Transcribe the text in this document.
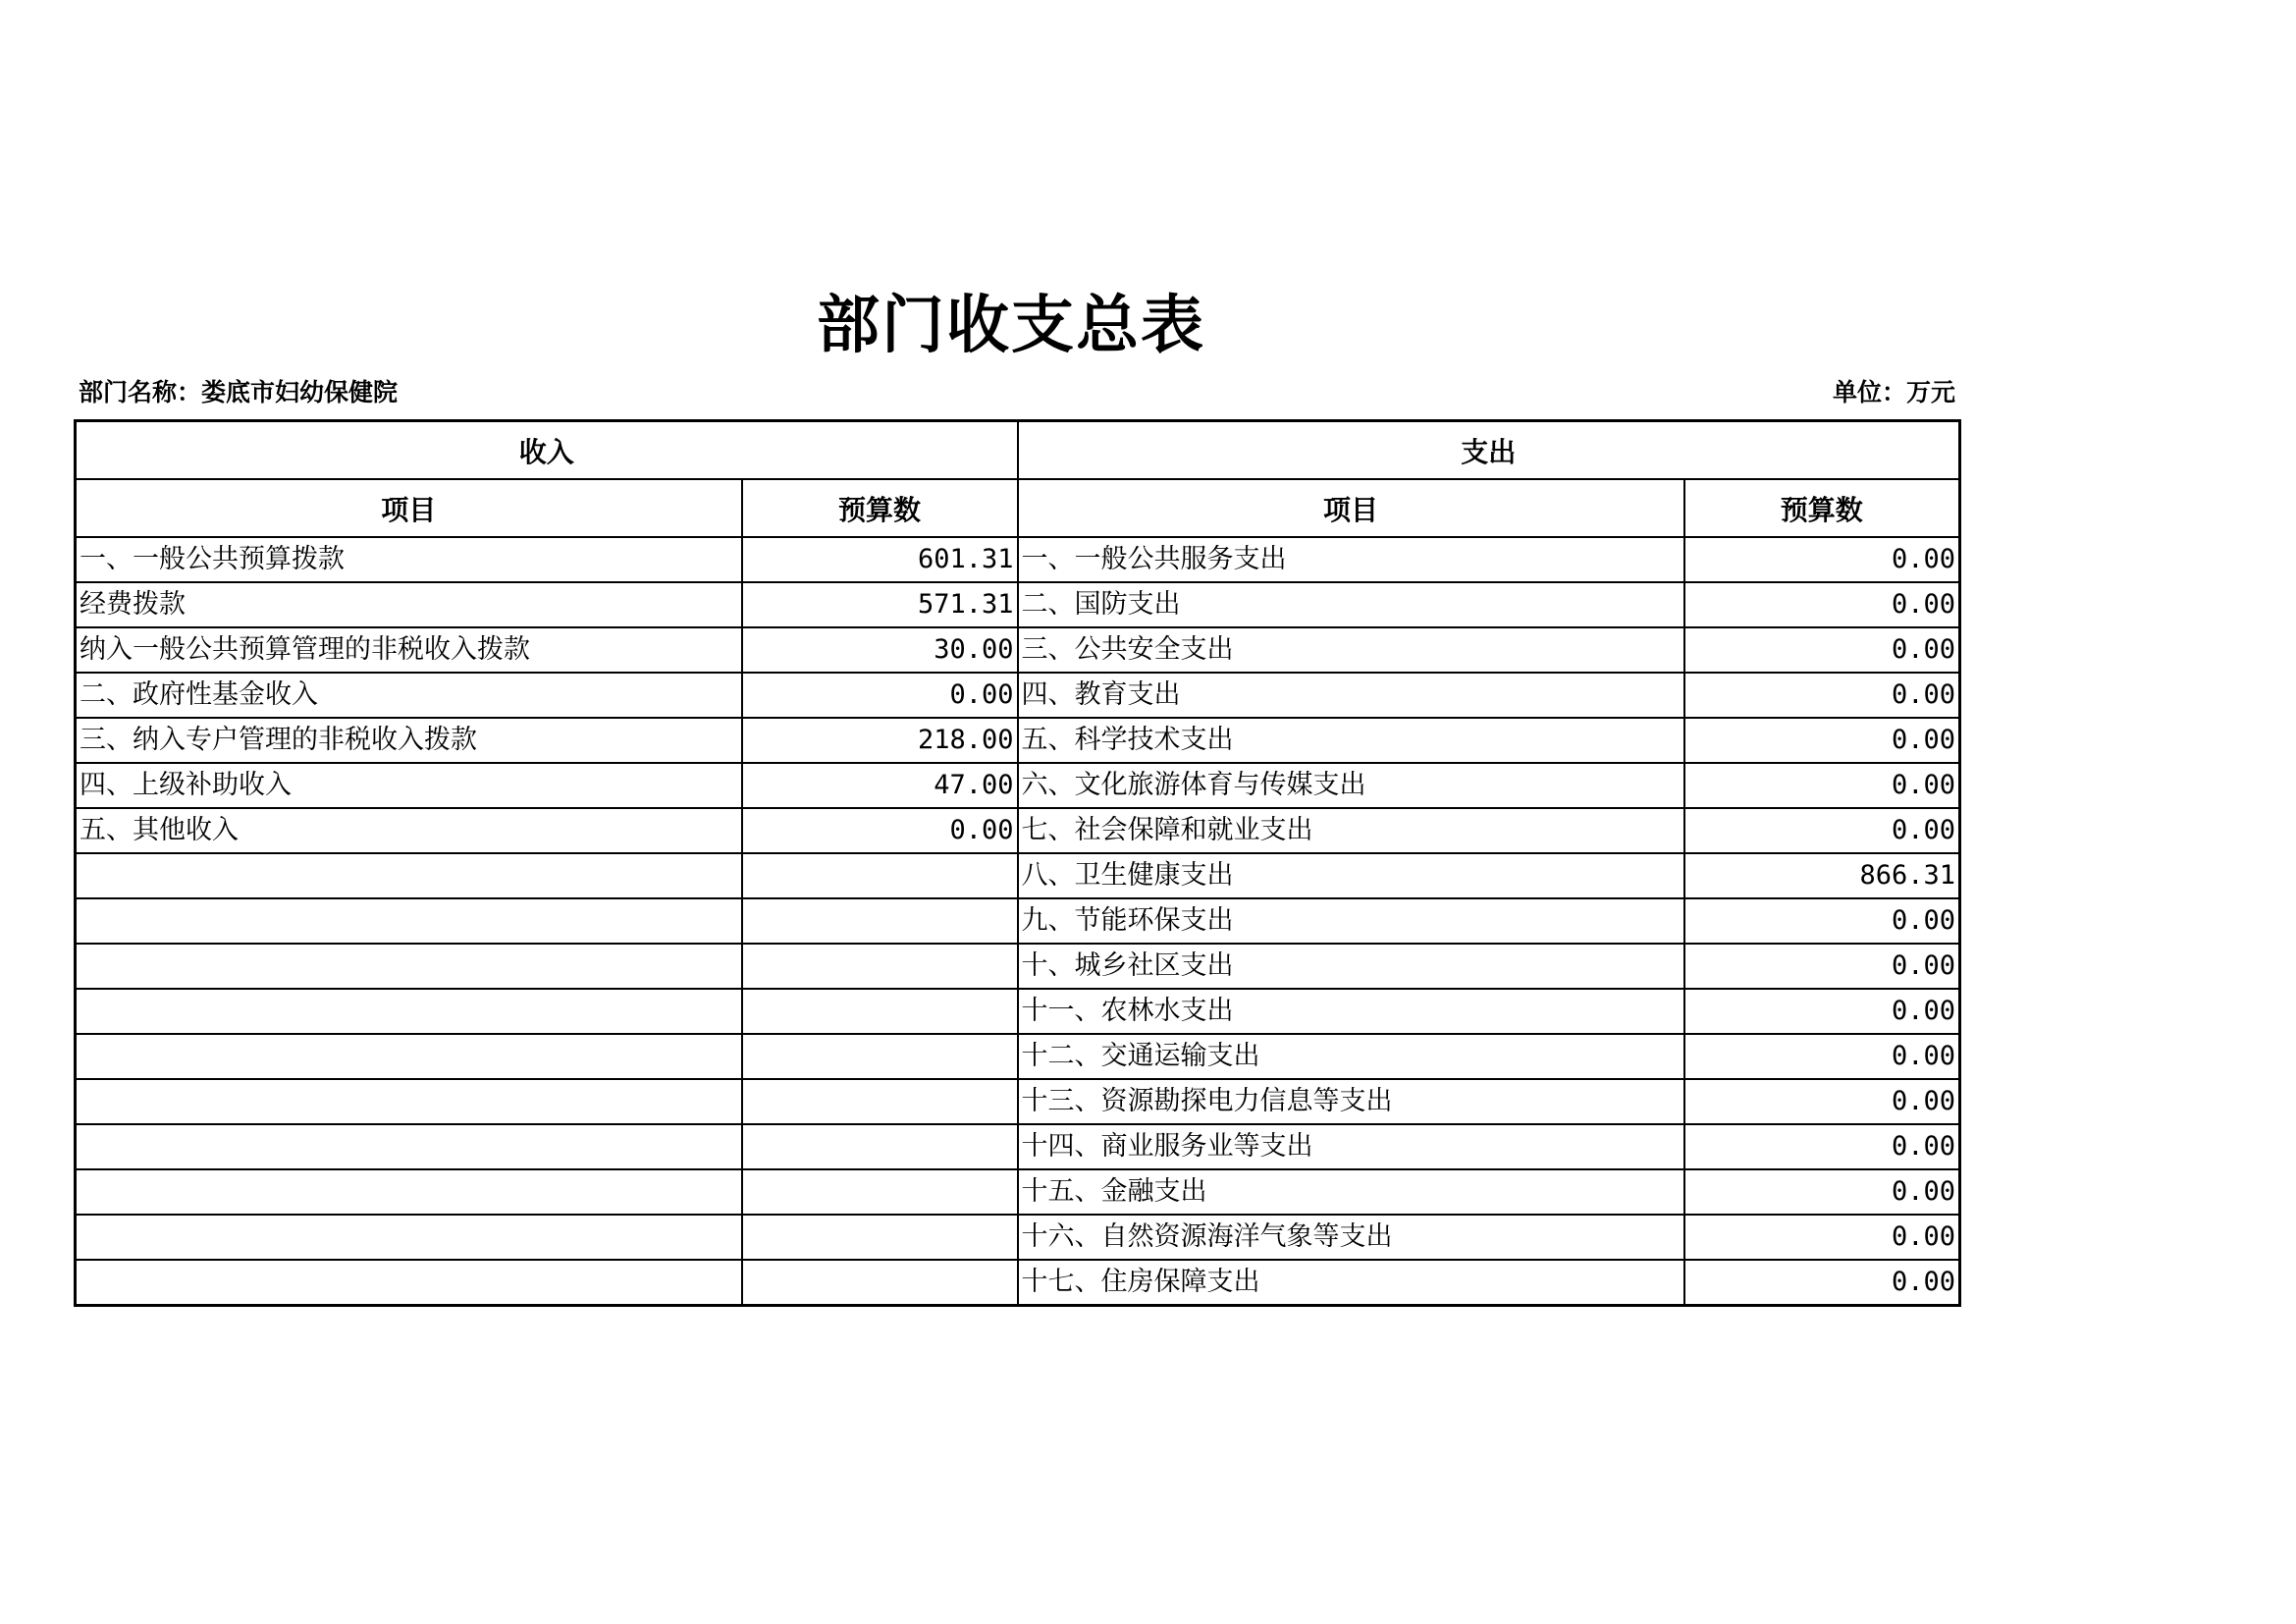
部门收支总表
部门名称：娄底市妇幼保健院	单位：万元
收入		支出	
项目	预算数	项目	预算数
一、一般公共预算拨款	601.31	一、一般公共服务支出	0.00
经费拨款	571.31	二、国防支出	0.00
纳入一般公共预算管理的非税收入拨款	30.00	三、公共安全支出	0.00
二、政府性基金收入	0.00	四、教育支出	0.00
三、纳入专户管理的非税收入拨款	218.00	五、科学技术支出	0.00
四、上级补助收入	47.00	六、文化旅游体育与传媒支出	0.00
五、其他收入	0.00	七、社会保障和就业支出	0.00
		八、卫生健康支出	866.31
		九、节能环保支出	0.00
		十、城乡社区支出	0.00
		十一、农林水支出	0.00
		十二、交通运输支出	0.00
		十三、资源勘探电力信息等支出	0.00
		十四、商业服务业等支出	0.00
		十五、金融支出	0.00
		十六、自然资源海洋气象等支出	0.00
		十七、住房保障支出	0.00
